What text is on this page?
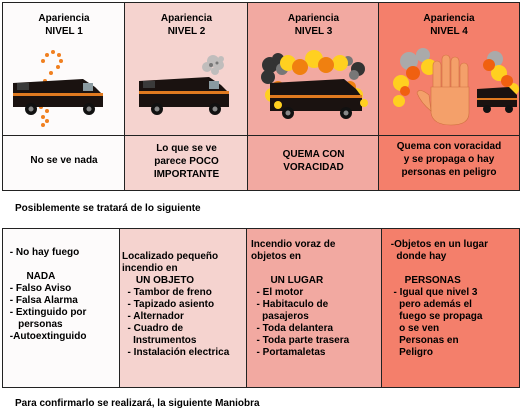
Apariencia
NIVEL 1
Apariencia
NIVEL 2
Apariencia
NIVEL 3
Apariencia
NIVEL 4
No se ve nada
Lo que se ve
parece POCO
IMPORTANTE
QUEMA CON
VORACIDAD
Quema con voracidad
y se propaga o hay
personas en peligro
Posiblemente se tratará de lo siguiente
- No hay fuego

NADA
- Falso Aviso
- Falsa Alarma
- Extinguido por
personas
-Autoextinguido
Localizado pequeño
incendio en
UN OBJETO
- Tambor de freno
- Tapizado asiento
- Alternador
- Cuadro de
Instrumentos
- Instalación electrica
Incendio voraz de
objetos en

UN LUGAR
- El motor
- Habitaculo de
pasajeros
- Toda delantera
- Toda parte trasera
- Portamaletas
-Objetos en un lugar
donde hay

PERSONAS
- Igual que nivel 3
pero además el
fuego se propaga
o se ven
Personas en
Peligro
Para confirmarlo se realizará, la siguiente Maniobra
